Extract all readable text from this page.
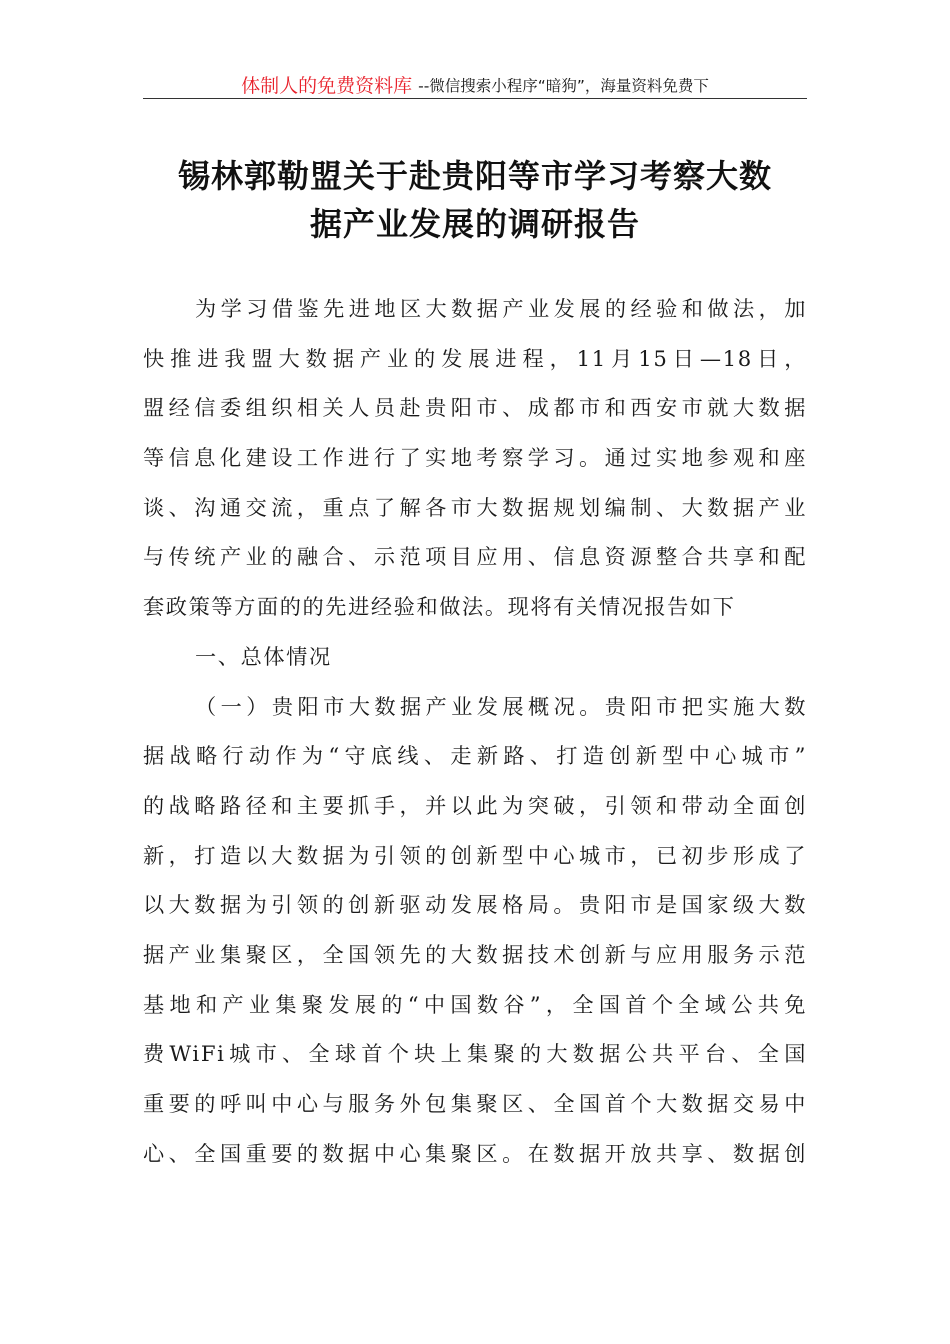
体制人的免费资料库 --微信搜索小程序“暗狗”，海量资料免费下
锡林郭勒盟关于赴贵阳等市学习考察大数
据产业发展的调研报告
为学习借鉴先进地区大数据产业发展的经验和做法，加
快推进我盟大数据产业的发展进程，11月15日—18日，
盟经信委组织相关人员赴贵阳市、成都市和西安市就大数据
等信息化建设工作进行了实地考察学习。通过实地参观和座
谈、沟通交流，重点了解各市大数据规划编制、大数据产业
与传统产业的融合、示范项目应用、信息资源整合共享和配
套政策等方面的的先进经验和做法。现将有关情况报告如下
一、总体情况
（一）贵阳市大数据产业发展概况。贵阳市把实施大数
据战略行动作为“守底线、走新路、打造创新型中心城市”
的战略路径和主要抓手，并以此为突破，引领和带动全面创
新，打造以大数据为引领的创新型中心城市，已初步形成了
以大数据为引领的创新驱动发展格局。贵阳市是国家级大数
据产业集聚区，全国领先的大数据技术创新与应用服务示范
基地和产业集聚发展的“中国数谷”，全国首个全域公共免
费WiFi城市、全球首个块上集聚的大数据公共平台、全国
重要的呼叫中心与服务外包集聚区、全国首个大数据交易中
心、全国重要的数据中心集聚区。在数据开放共享、数据创
